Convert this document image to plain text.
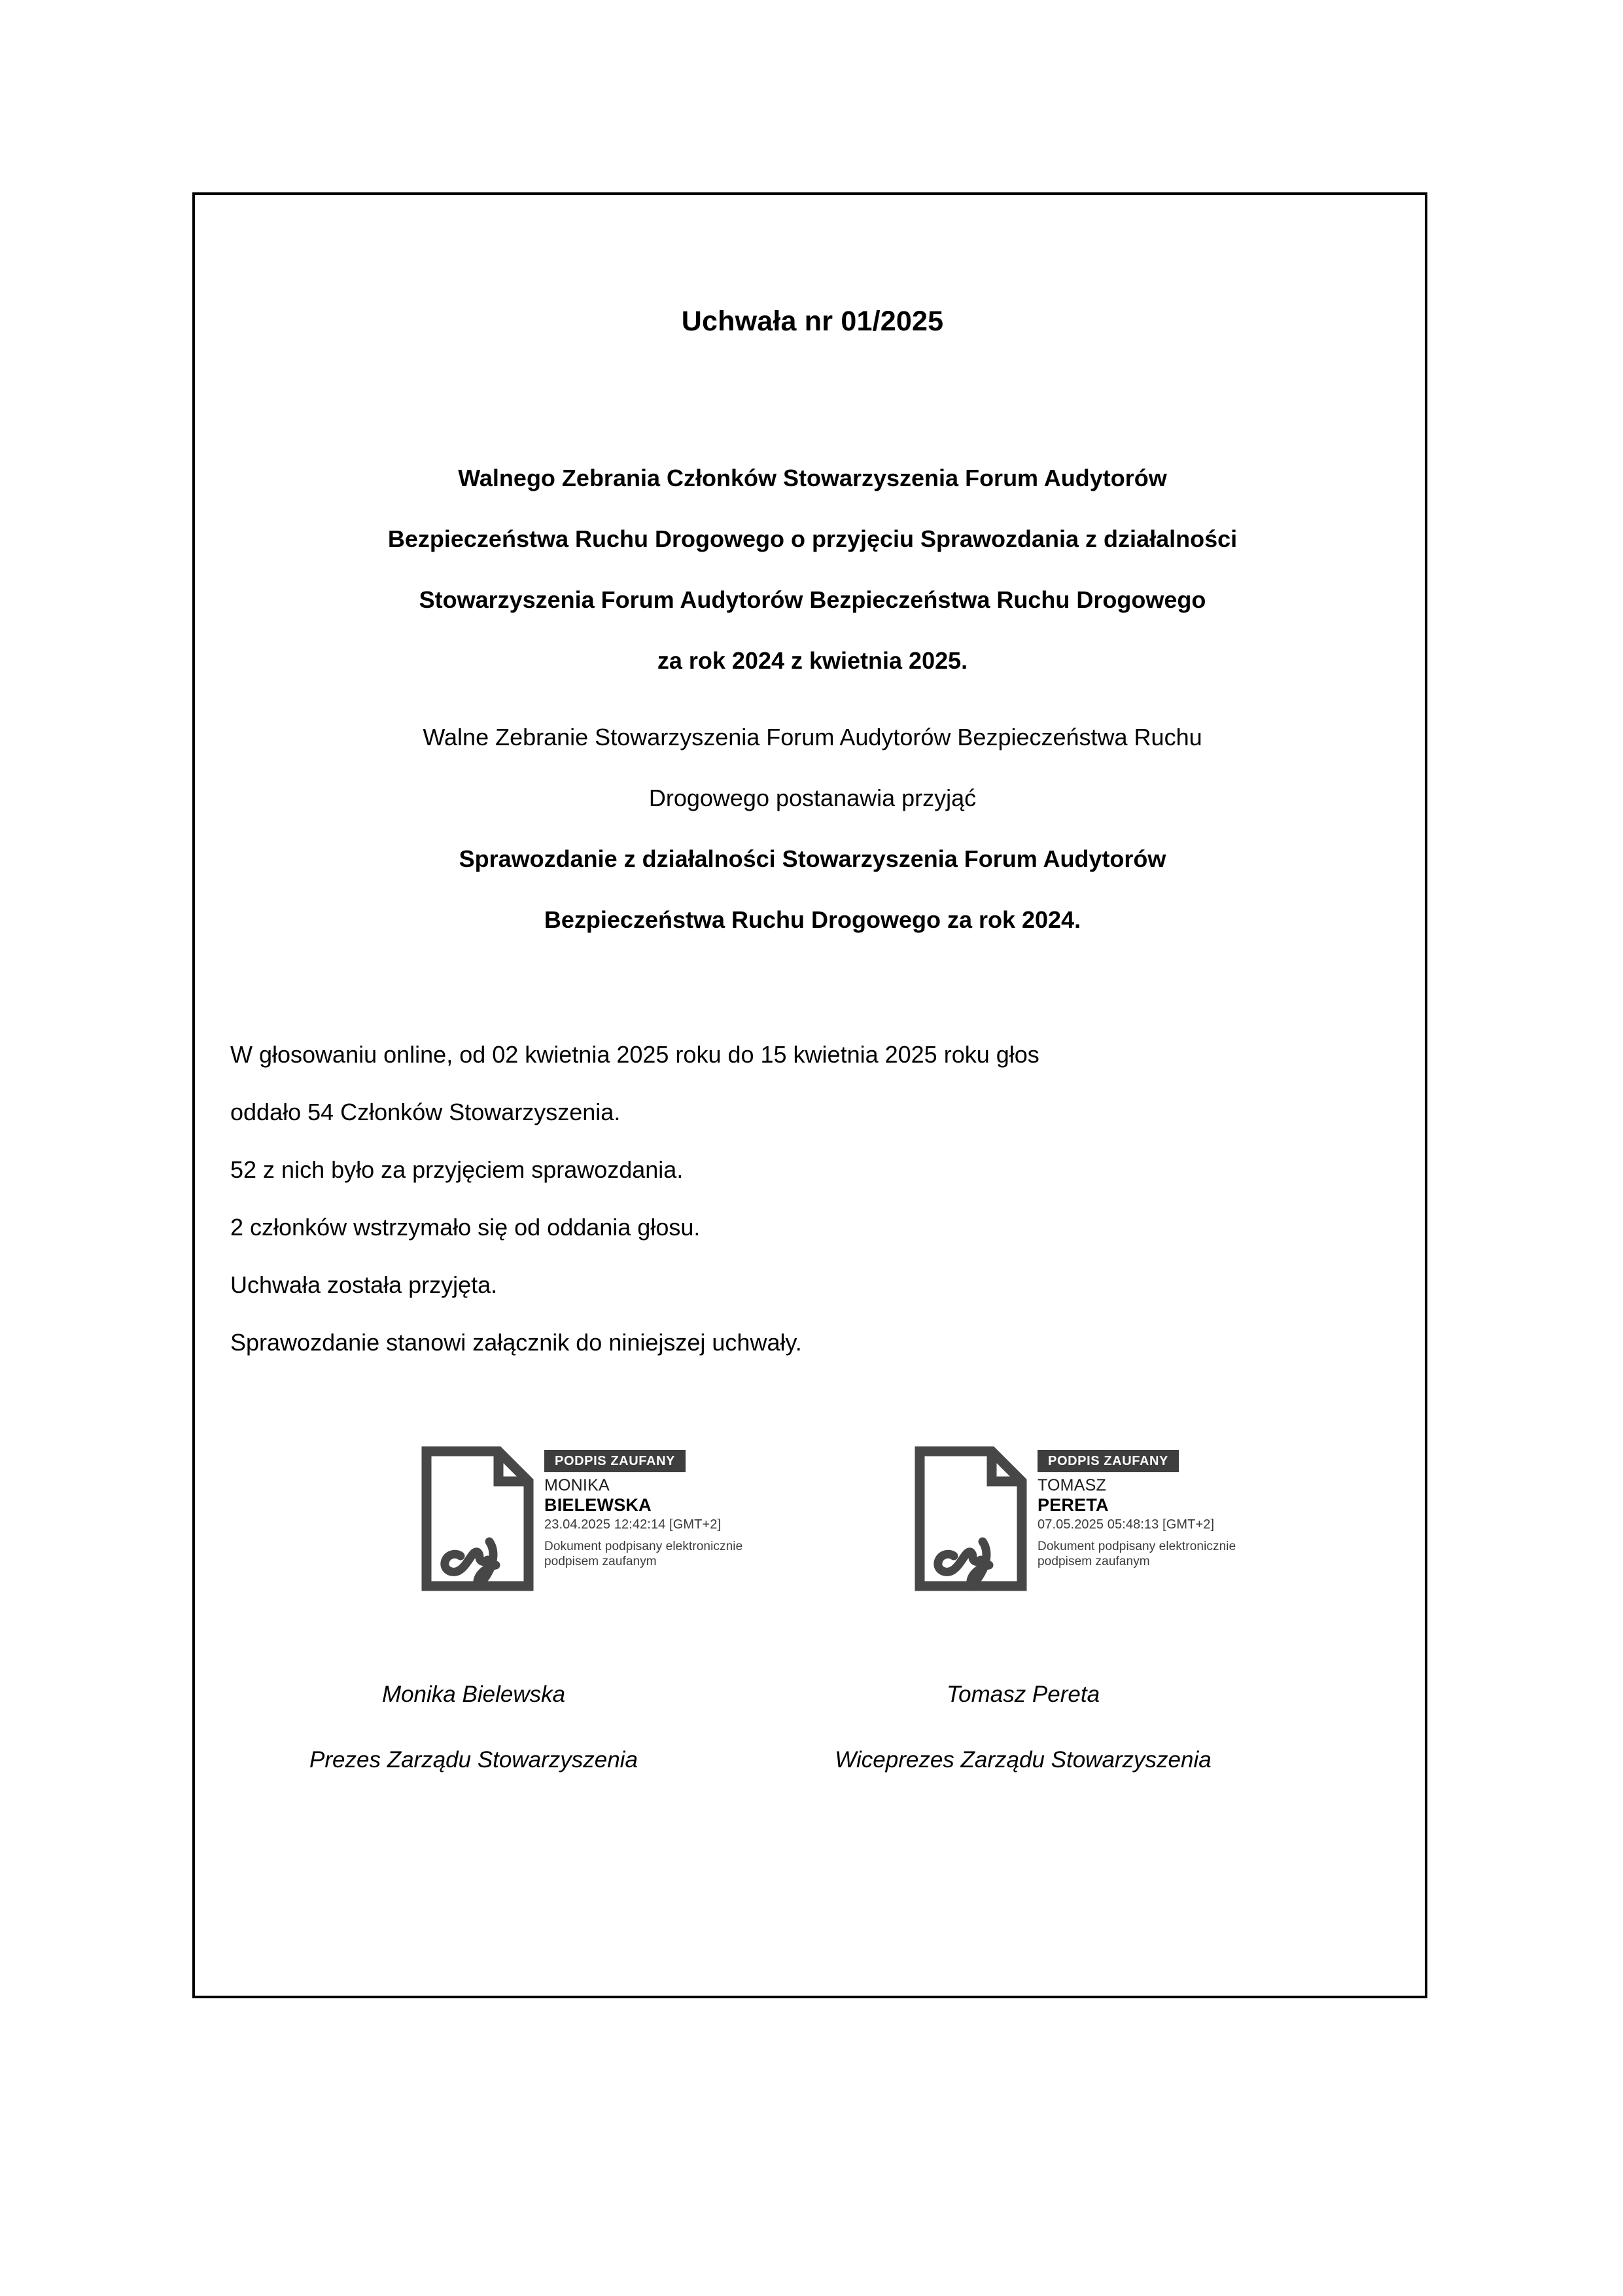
Uchwała nr 01/2025
Walnego Zebrania Członków Stowarzyszenia Forum Audytorów
Bezpieczeństwa Ruchu Drogowego o przyjęciu Sprawozdania z działalności
Stowarzyszenia Forum Audytorów Bezpieczeństwa Ruchu Drogowego
za rok 2024 z kwietnia 2025.
Walne Zebranie Stowarzyszenia Forum Audytorów Bezpieczeństwa Ruchu
Drogowego postanawia przyjąć
Sprawozdanie z działalności Stowarzyszenia Forum Audytorów
Bezpieczeństwa Ruchu Drogowego za rok 2024.
W głosowaniu online, od 02 kwietnia 2025 roku do 15 kwietnia 2025 roku głos
oddało 54 Członków Stowarzyszenia.
52 z nich było za przyjęciem sprawozdania.
2 członków wstrzymało się od oddania głosu.
Uchwała została przyjęta.
Sprawozdanie stanowi załącznik do niniejszej uchwały.
PODPIS ZAUFANY
MONIKA
BIELEWSKA
23.04.2025 12:42:14 [GMT+2]
Dokument podpisany elektronicznie
podpisem zaufanym
PODPIS ZAUFANY
TOMASZ
PERETA
07.05.2025 05:48:13 [GMT+2]
Dokument podpisany elektronicznie
podpisem zaufanym
Monika Bielewska	Tomasz Pereta
Prezes Zarządu Stowarzyszenia	Wiceprezes Zarządu Stowarzyszenia
